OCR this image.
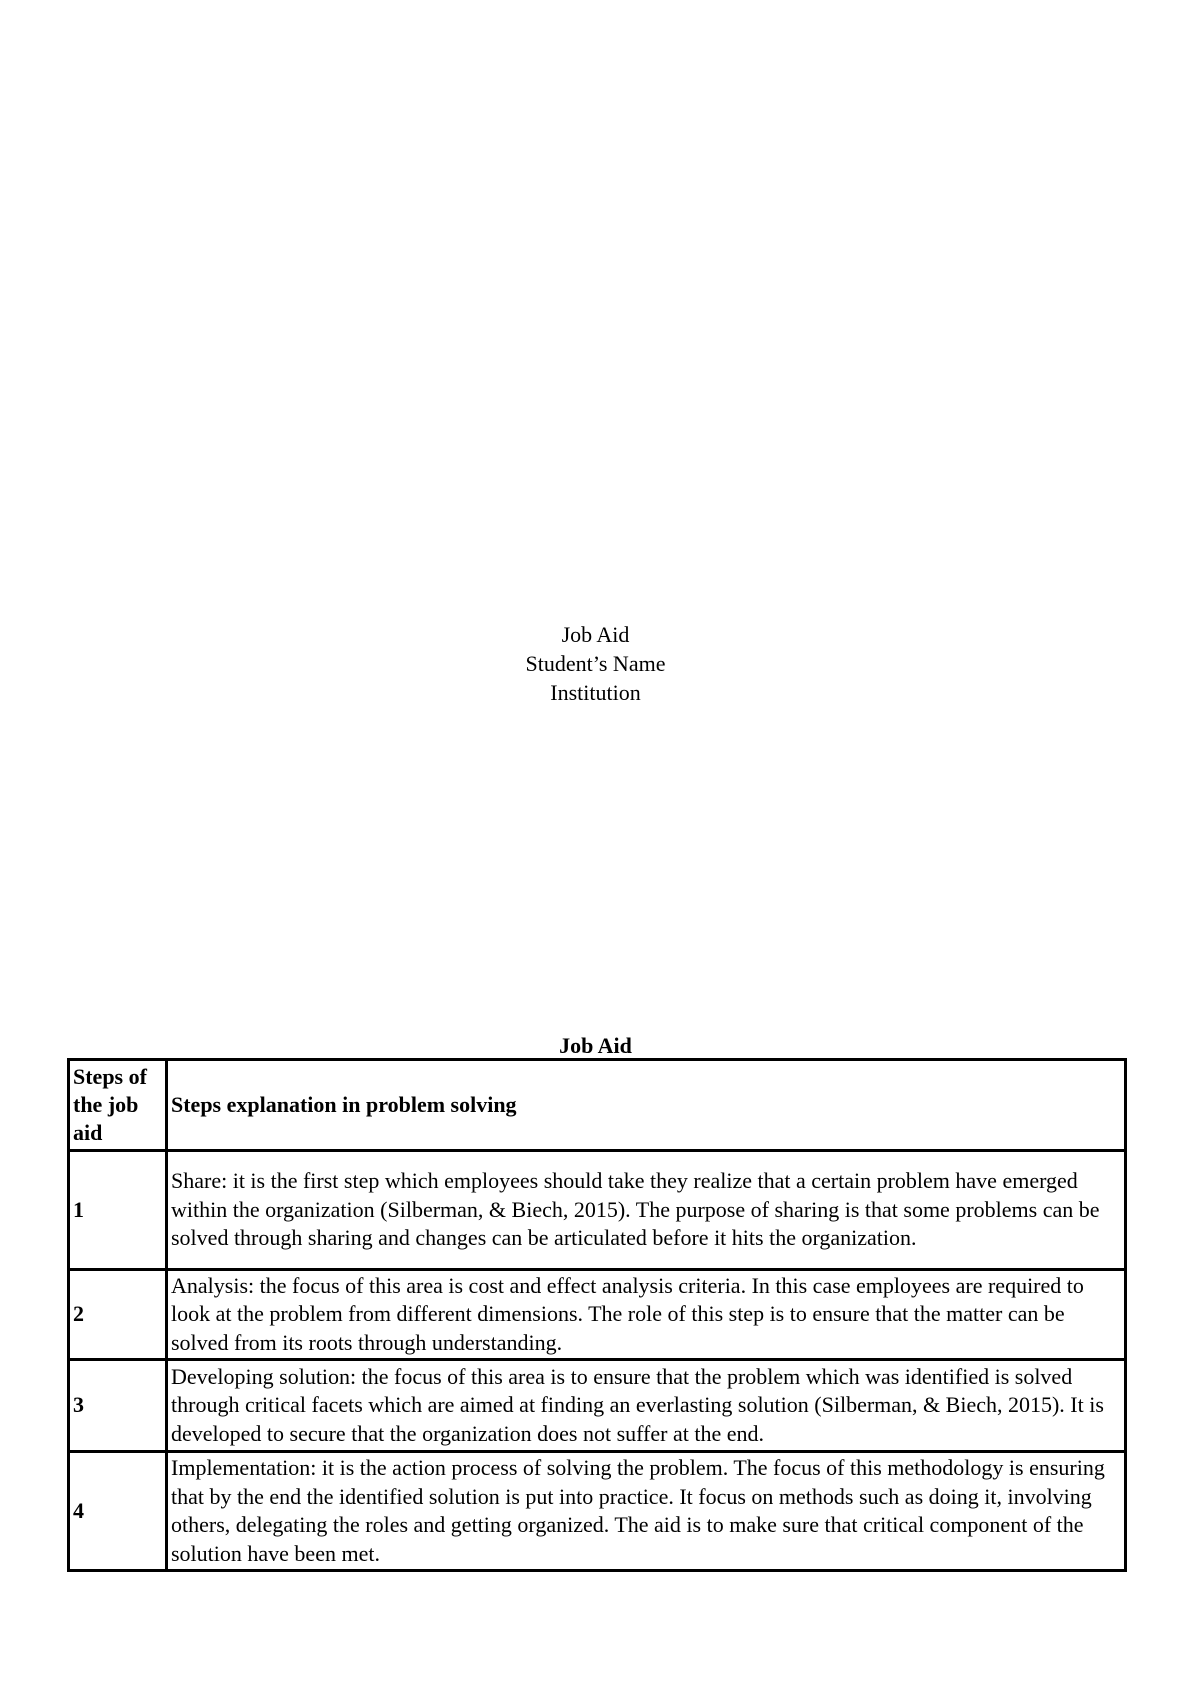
Job Aid
Student’s Name
Institution
Job Aid
Steps of the job aid	Steps explanation in problem solving
1	Share: it is the first step which employees should take they realize that a certain problem have emerged within the organization (Silberman, & Biech, 2015). The purpose of sharing is that some problems can be solved through sharing and changes can be articulated before it hits the organization.
2	Analysis: the focus of this area is cost and effect analysis criteria. In this case employees are required to look at the problem from different dimensions. The role of this step is to ensure that the matter can be solved from its roots through understanding.
3	Developing solution: the focus of this area is to ensure that the problem which was identified is solved through critical facets which are aimed at finding an everlasting solution (Silberman, & Biech, 2015). It is developed to secure that the organization does not suffer at the end.
4	Implementation: it is the action process of solving the problem. The focus of this methodology is ensuring that by the end the identified solution is put into practice. It focus on methods such as doing it, involving others, delegating the roles and getting organized. The aid is to make sure that critical component of the solution have been met.
